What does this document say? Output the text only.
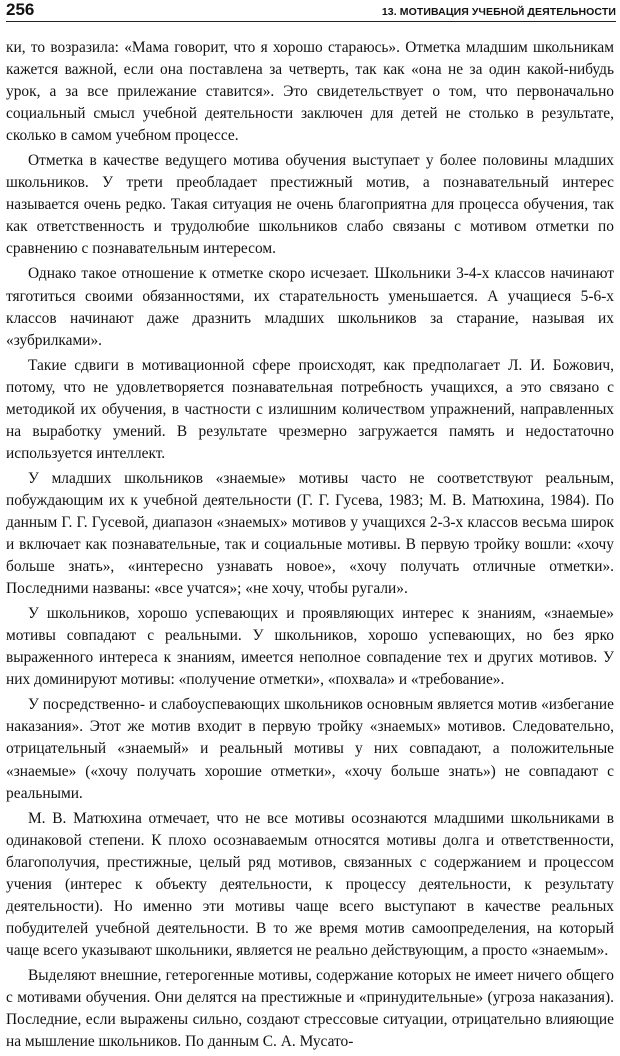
256	13. МОТИВАЦИЯ УЧЕБНОЙ ДЕЯТЕЛЬНОСТИ

ки, то возразила: «Мама говорит, что я хорошо стараюсь». Отметка младшим школьникам кажется важной, если она поставлена за четверть, так как «она не за один какой-нибудь урок, а за все прилежание ставится». Это свидетельствует о том, что первоначально социальный смысл учебной деятельности заключен для детей не столько в результате, сколько в самом учебном процессе.

Отметка в качестве ведущего мотива обучения выступает у более половины младших школьников. У трети преобладает престижный мотив, а познавательный интерес называется очень редко. Такая ситуация не очень благоприятна для процесса обучения, так как ответственность и трудолюбие школьников слабо связаны с мотивом отметки по сравнению с познавательным интересом.

Однако такое отношение к отметке скоро исчезает. Школьники 3-4-х классов начинают тяготиться своими обязанностями, их старательность уменьшается. А учащиеся 5-6-х классов начинают даже дразнить младших школьников за старание, называя их «зубрилками».

Такие сдвиги в мотивационной сфере происходят, как предполагает Л. И. Божович, потому, что не удовлетворяется познавательная потребность учащихся, а это связано с методикой их обучения, в частности с излишним количеством упражнений, направленных на выработку умений. В результате чрезмерно загружается память и недостаточно используется интеллект.

У младших школьников «знаемые» мотивы часто не соответствуют реальным, побуждающим их к учебной деятельности (Г. Г. Гусева, 1983; М. В. Матюхина, 1984). По данным Г. Г. Гусевой, диапазон «знаемых» мотивов у учащихся 2-3-х классов весьма широк и включает как познавательные, так и социальные мотивы. В первую тройку вошли: «хочу больше знать», «интересно узнавать новое», «хочу получать отличные отметки». Последними названы: «все учатся»; «не хочу, чтобы ругали».

У школьников, хорошо успевающих и проявляющих интерес к знаниям, «знаемые» мотивы совпадают с реальными. У школьников, хорошо успевающих, но без ярко выраженного интереса к знаниям, имеется неполное совпадение тех и других мотивов. У них доминируют мотивы: «получение отметки», «похвала» и «требование».

У посредственно- и слабоуспевающих школьников основным является мотив «избегание наказания». Этот же мотив входит в первую тройку «знаемых» мотивов. Следовательно, отрицательный «знаемый» и реальный мотивы у них совпадают, а положительные «знаемые» («хочу получать хорошие отметки», «хочу больше знать») не совпадают с реальными.

М. В. Матюхина отмечает, что не все мотивы осознаются младшими школьниками в одинаковой степени. К плохо осознаваемым относятся мотивы долга и ответственности, благополучия, престижные, целый ряд мотивов, связанных с содержанием и процессом учения (интерес к объекту деятельности, к процессу деятельности, к результату деятельности). Но именно эти мотивы чаще всего выступают в качестве реальных побудителей учебной деятельности. В то же время мотив самоопределения, на который чаще всего указывают школьники, является не реально действующим, а просто «знаемым».

Выделяют внешние, гетерогенные мотивы, содержание которых не имеет ничего общего с мотивами обучения. Они делятся на престижные и «принудительные» (угроза наказания). Последние, если выражены сильно, создают стрессовые ситуации, отрицательно влияющие на мышление школьников. По данным С. А. Мусато-
